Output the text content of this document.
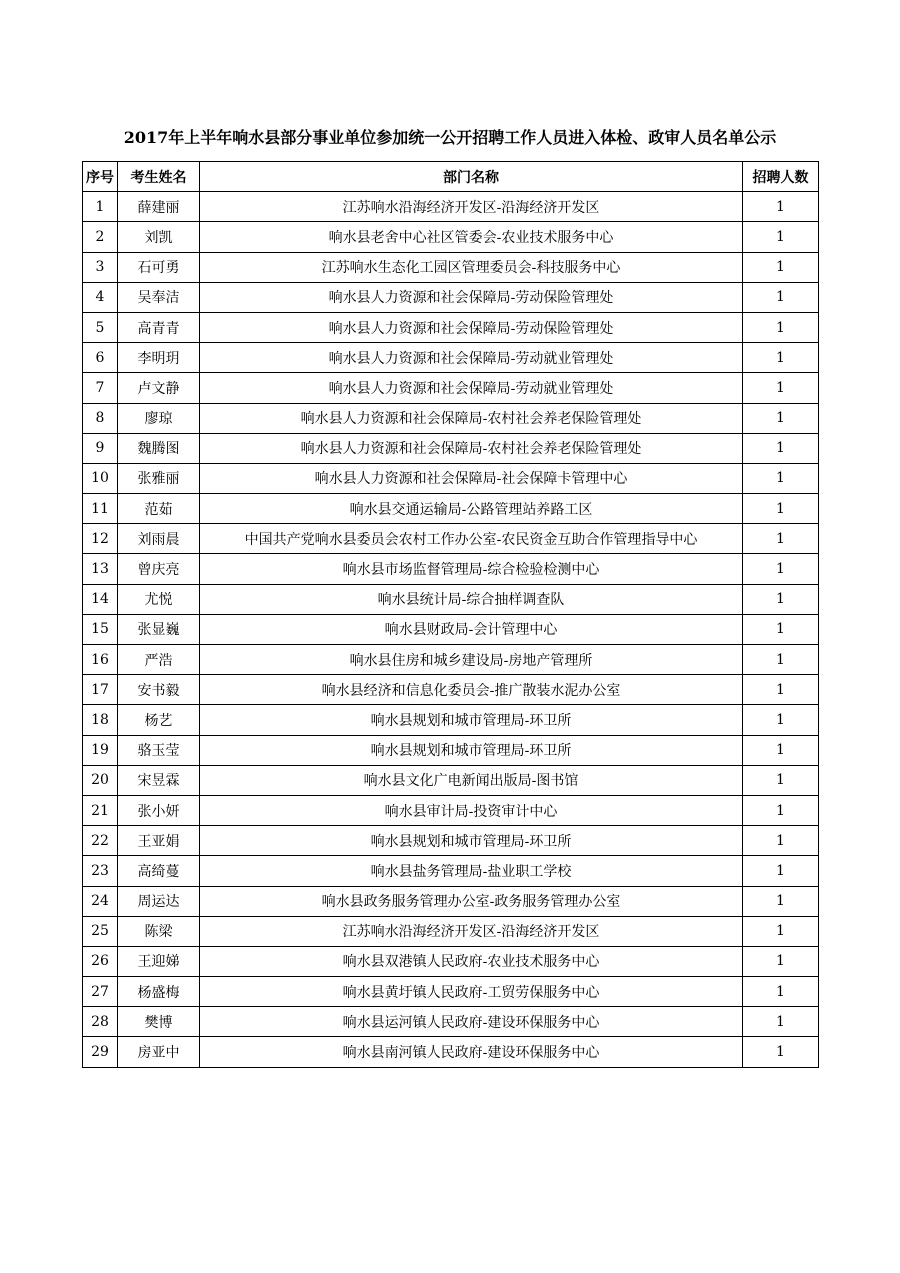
2017年上半年响水县部分事业单位参加统一公开招聘工作人员进入体检、政审人员名单公示
序号	考生姓名	部门名称	招聘人数
1	薛建丽	江苏响水沿海经济开发区-沿海经济开发区	1
2	刘凯	响水县老舍中心社区管委会-农业技术服务中心	1
3	石可勇	江苏响水生态化工园区管理委员会-科技服务中心	1
4	吴奉洁	响水县人力资源和社会保障局-劳动保险管理处	1
5	高青青	响水县人力资源和社会保障局-劳动保险管理处	1
6	李明玥	响水县人力资源和社会保障局-劳动就业管理处	1
7	卢文静	响水县人力资源和社会保障局-劳动就业管理处	1
8	廖琼	响水县人力资源和社会保障局-农村社会养老保险管理处	1
9	魏腾图	响水县人力资源和社会保障局-农村社会养老保险管理处	1
10	张雅丽	响水县人力资源和社会保障局-社会保障卡管理中心	1
11	范茹	响水县交通运输局-公路管理站养路工区	1
12	刘雨晨	中国共产党响水县委员会农村工作办公室-农民资金互助合作管理指导中心	1
13	曾庆亮	响水县市场监督管理局-综合检验检测中心	1
14	尤悦	响水县统计局-综合抽样调查队	1
15	张显巍	响水县财政局-会计管理中心	1
16	严浩	响水县住房和城乡建设局-房地产管理所	1
17	安书毅	响水县经济和信息化委员会-推广散装水泥办公室	1
18	杨艺	响水县规划和城市管理局-环卫所	1
19	骆玉莹	响水县规划和城市管理局-环卫所	1
20	宋昱霖	响水县文化广电新闻出版局-图书馆	1
21	张小妍	响水县审计局-投资审计中心	1
22	王亚娟	响水县规划和城市管理局-环卫所	1
23	高绮蔓	响水县盐务管理局-盐业职工学校	1
24	周运达	响水县政务服务管理办公室-政务服务管理办公室	1
25	陈梁	江苏响水沿海经济开发区-沿海经济开发区	1
26	王迎娣	响水县双港镇人民政府-农业技术服务中心	1
27	杨盛梅	响水县黄圩镇人民政府-工贸劳保服务中心	1
28	樊博	响水县运河镇人民政府-建设环保服务中心	1
29	房亚中	响水县南河镇人民政府-建设环保服务中心	1
